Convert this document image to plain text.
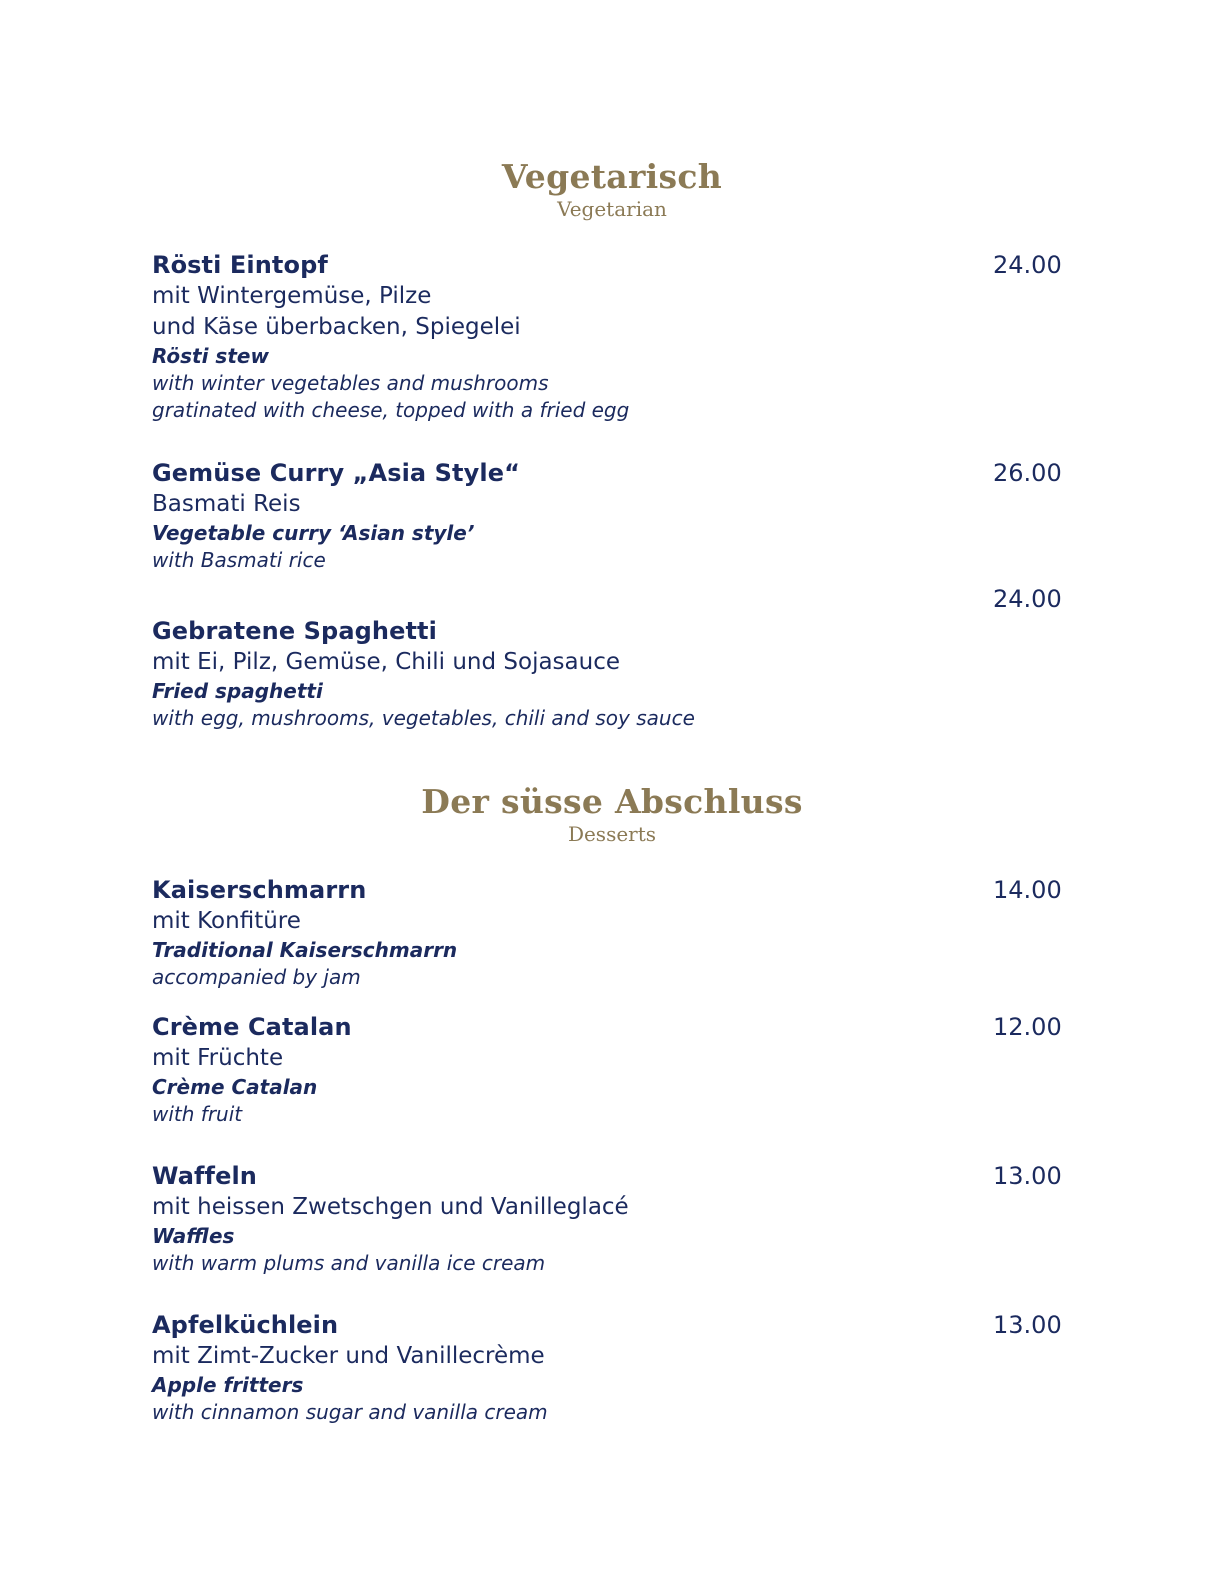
Vegetarisch
Vegetarian
Rösti Eintopf
mit Wintergemüse, Pilze
und Käse überbacken, Spiegelei
Rösti stew
with winter vegetables and mushrooms
gratinated with cheese, topped with a fried egg
24.00
Gemüse Curry „Asia Style“
Basmati Reis
Vegetable curry ‘Asian style’
with Basmati rice
26.00
24.00
Gebratene Spaghetti
mit Ei, Pilz, Gemüse, Chili und Sojasauce
Fried spaghetti
with egg, mushrooms, vegetables, chili and soy sauce
Der süsse Abschluss
Desserts
Kaiserschmarrn
mit Konfitüre
Traditional Kaiserschmarrn
accompanied by jam
14.00
Crème Catalan
mit Früchte
Crème Catalan
with fruit
12.00
Waffeln
mit heissen Zwetschgen und Vanilleglacé
Waffles
with warm plums and vanilla ice cream
13.00
Apfelküchlein
mit Zimt-Zucker und Vanillecrème
Apple fritters
with cinnamon sugar and vanilla cream
13.00
